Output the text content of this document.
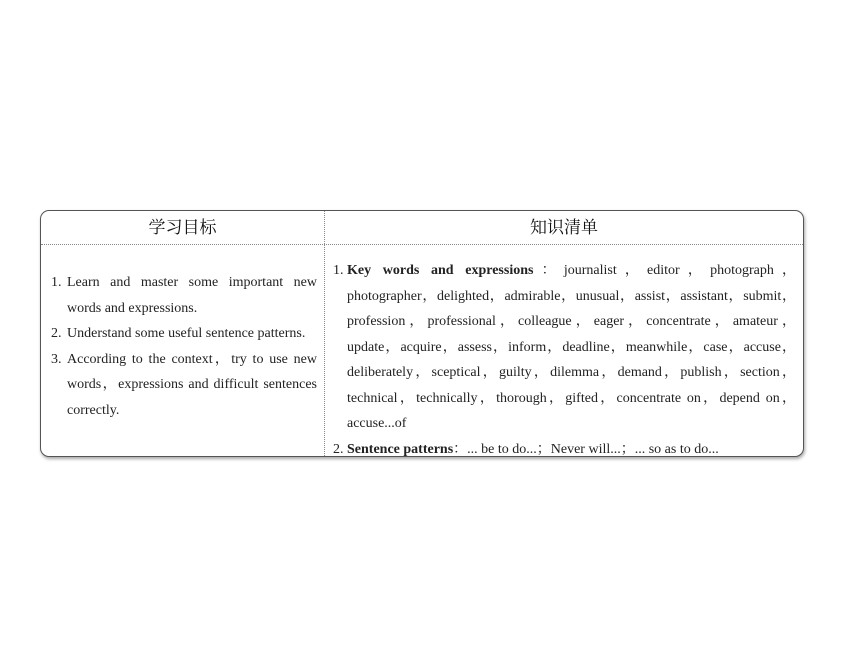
学习目标	知识清单
1. Learn and master some important new words and expressions.
2. Understand some useful sentence patterns.
3. According to the context，try to use new words，expressions and difficult sentences correctly.
1. Key words and expressions：journalist，editor，photograph，photographer，delighted，admirable，unusual，assist，assistant，submit，profession，professional，colleague，eager，concentrate，amateur，update，acquire，assess，inform，deadline，meanwhile，case，accuse，deliberately，sceptical，guilty，dilemma，demand，publish，section，technical，technically，thorough，gifted，concentrate on，depend on，accuse...of
2. Sentence patterns：... be to do...；Never will...；... so as to do...
